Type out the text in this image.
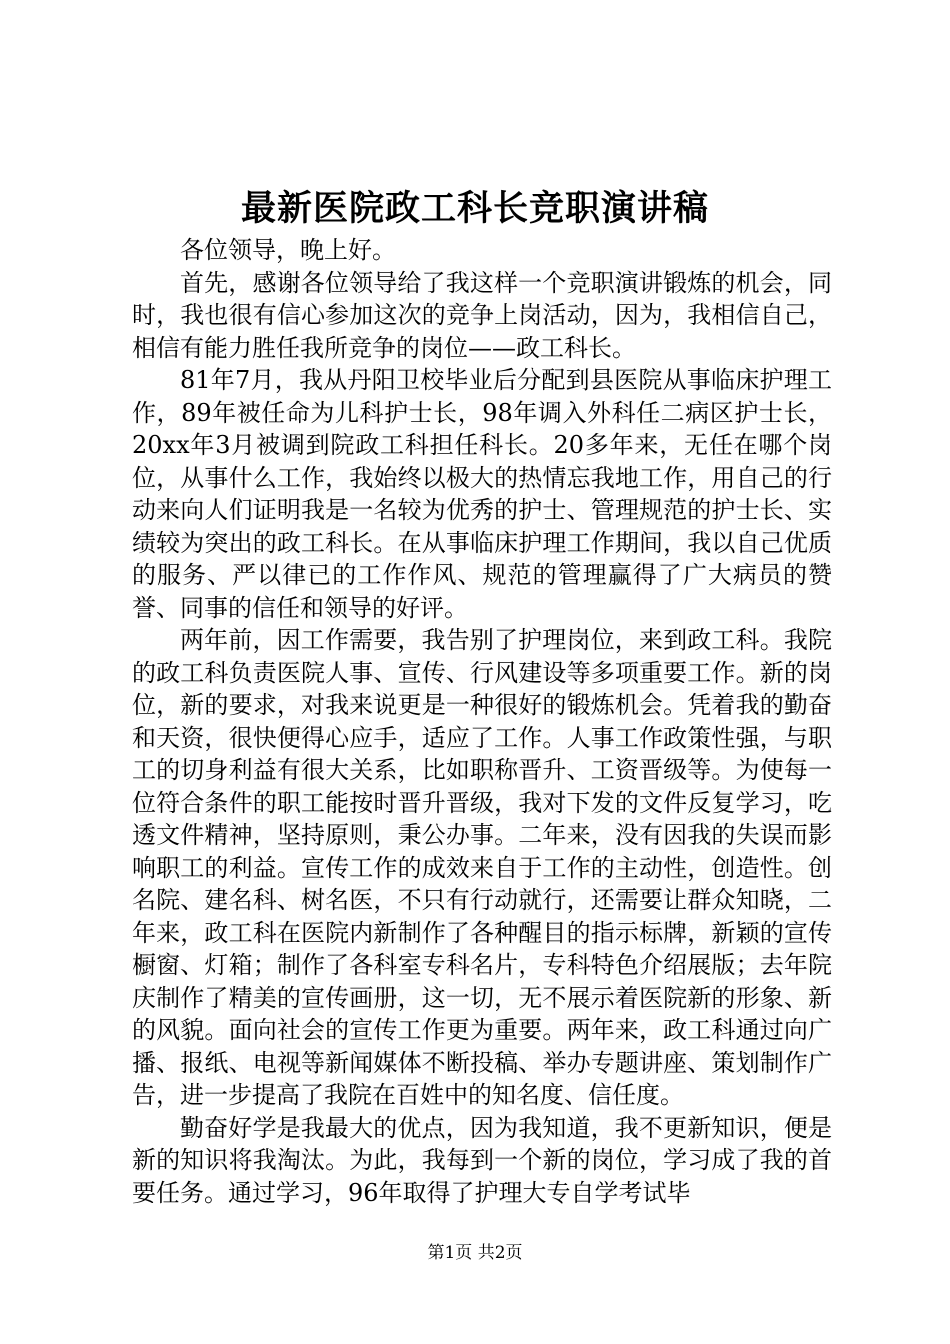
最新医院政工科长竞职演讲稿

各位领导，晚上好。

首先，感谢各位领导给了我这样一个竞职演讲锻炼的机会，同时，我也很有信心参加这次的竞争上岗活动，因为，我相信自己，相信有能力胜任我所竞争的岗位——政工科长。

81年7月，我从丹阳卫校毕业后分配到县医院从事临床护理工作，89年被任命为儿科护士长，98年调入外科任二病区护士长，20xx年3月被调到院政工科担任科长。20多年来，无任在哪个岗位，从事什么工作，我始终以极大的热情忘我地工作，用自己的行动来向人们证明我是一名较为优秀的护士、管理规范的护士长、实绩较为突出的政工科长。在从事临床护理工作期间，我以自己优质的服务、严以律已的工作作风、规范的管理赢得了广大病员的赞誉、同事的信任和领导的好评。

两年前，因工作需要，我告别了护理岗位，来到政工科。我院的政工科负责医院人事、宣传、行风建设等多项重要工作。新的岗位，新的要求，对我来说更是一种很好的锻炼机会。凭着我的勤奋和天资，很快便得心应手，适应了工作。人事工作政策性强，与职工的切身利益有很大关系，比如职称晋升、工资晋级等。为使每一位符合条件的职工能按时晋升晋级，我对下发的文件反复学习，吃透文件精神，坚持原则，秉公办事。二年来，没有因我的失误而影响职工的利益。宣传工作的成效来自于工作的主动性，创造性。创名院、建名科、树名医，不只有行动就行，还需要让群众知晓，二年来，政工科在医院内新制作了各种醒目的指示标牌，新颖的宣传橱窗、灯箱；制作了各科室专科名片，专科特色介绍展版；去年院庆制作了精美的宣传画册，这一切，无不展示着医院新的形象、新的风貌。面向社会的宣传工作更为重要。两年来，政工科通过向广播、报纸、电视等新闻媒体不断投稿、举办专题讲座、策划制作广告，进一步提高了我院在百姓中的知名度、信任度。

勤奋好学是我最大的优点，因为我知道，我不更新知识，便是新的知识将我淘汰。为此，我每到一个新的岗位，学习成了我的首要任务。通过学习，96年取得了护理大专自学考试毕

第1页 共2页
